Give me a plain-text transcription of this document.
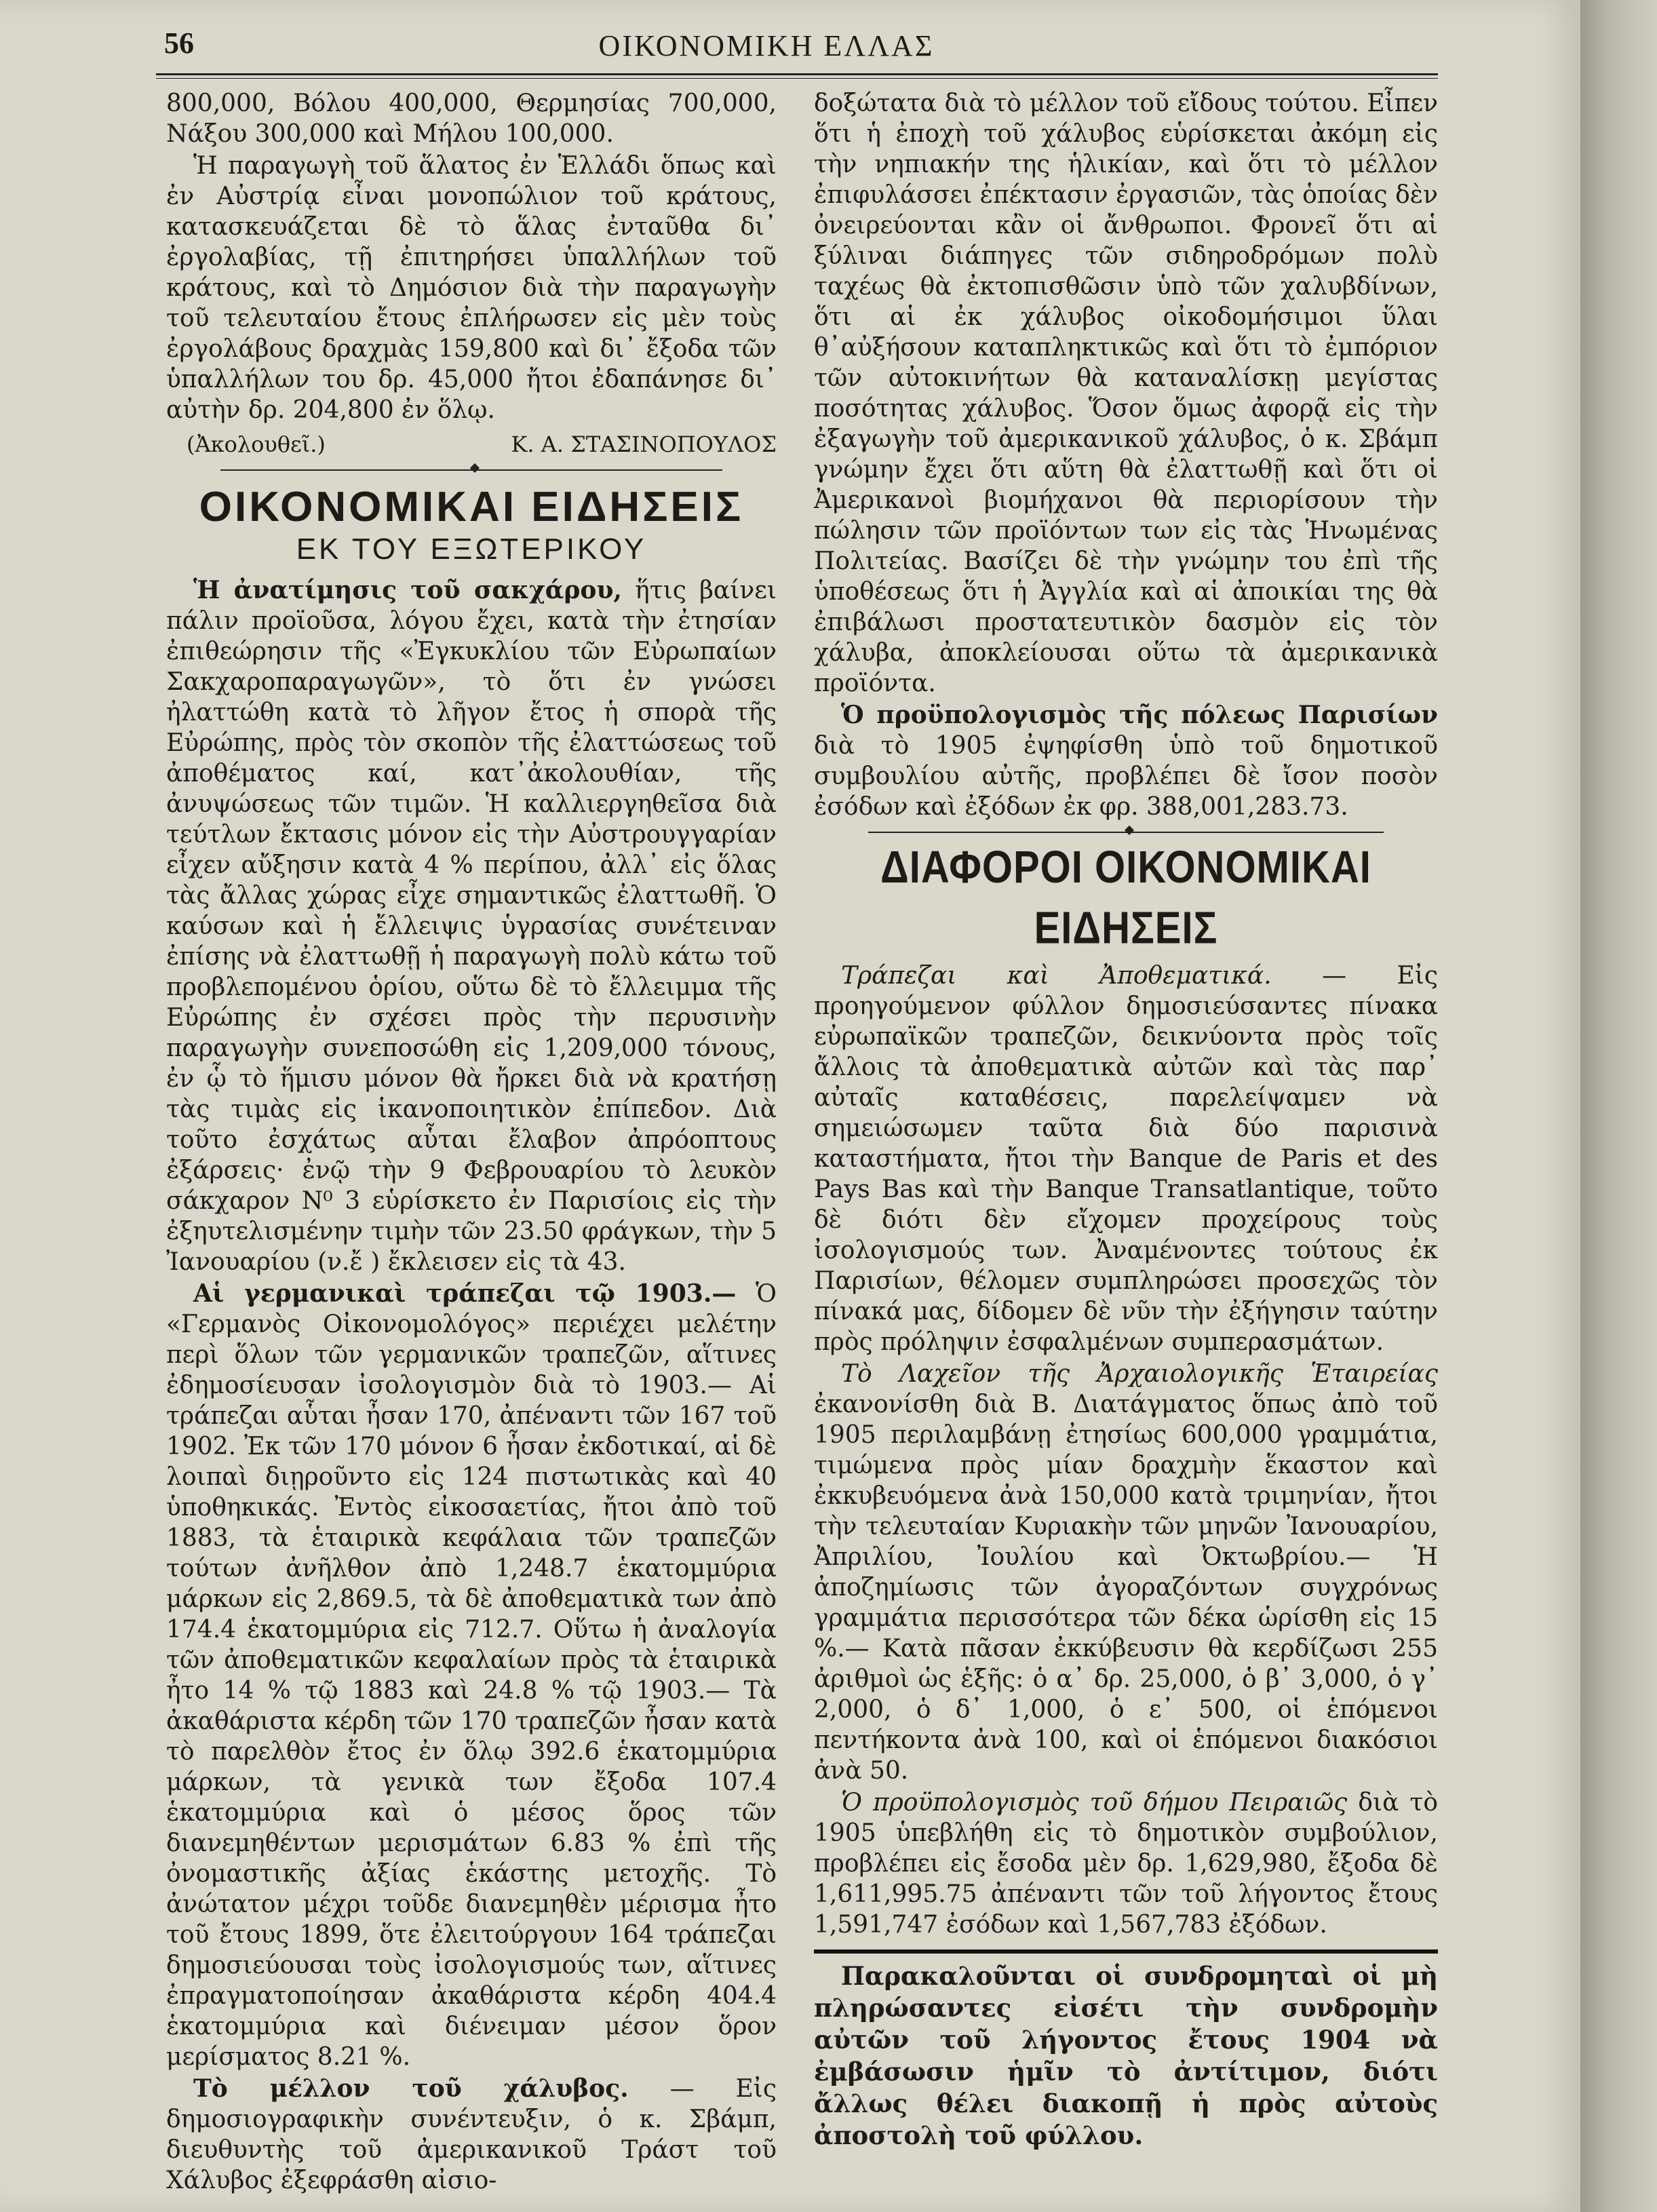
56	ΟΙΚΟΝΟΜΙΚΗ ΕΛΛΑΣ

800,000, Βόλου 400,000, Θερμησίας 700,000, Νάξου 300,000 καὶ Μήλου 100,000.

Ἡ παραγωγὴ τοῦ ἅλατος ἐν Ἑλλάδι ὅπως καὶ ἐν Αὐστρίᾳ εἶναι μονοπώλιον τοῦ κράτους, κατασκευάζεται δὲ τὸ ἅλας ἐνταῦθα δι᾽ ἐργολαβίας, τῇ ἐπιτηρήσει ὑπαλλήλων τοῦ κράτους, καὶ τὸ Δημόσιον διὰ τὴν παραγωγὴν τοῦ τελευταίου ἔτους ἐπλήρωσεν εἰς μὲν τοὺς ἐργολάβους δραχμὰς 159,800 καὶ δι᾽ ἔξοδα τῶν ὑπαλλήλων του δρ. 45,000 ἤτοι ἐδαπάνησε δι᾽ αὐτὴν δρ. 204,800 ἐν ὅλῳ.

(Ἀκολουθεῖ.)	Κ. Α. ΣΤΑΣΙΝΟΠΟΥΛΟΣ
ΟΙΚΟΝΟΜΙΚΑΙ ΕΙΔΗΣΕΙΣ
ΕΚ ΤΟΥ ΕΞΩΤΕΡΙΚΟΥ

Ἡ ἀνατίμησις τοῦ σακχάρου, ἥτις βαίνει πάλιν προϊοῦσα, λόγου ἔχει, κατὰ τὴν ἐτησίαν ἐπιθεώρησιν τῆς «Ἐγκυκλίου τῶν Εὐρωπαίων Σακχαροπαραγωγῶν», τὸ ὅτι ἐν γνώσει ἠλαττώθη κατὰ τὸ λῆγον ἔτος ἡ σπορὰ τῆς Εὐρώπης, πρὸς τὸν σκοπὸν τῆς ἐλαττώσεως τοῦ ἀποθέματος καί, κατ᾽ἀκολουθίαν, τῆς ἀνυψώσεως τῶν τιμῶν. Ἡ καλλιεργηθεῖσα διὰ τεύτλων ἔκτασις μόνον εἰς τὴν Αὐστρουγγαρίαν εἶχεν αὔξησιν κατὰ 4 % περίπου, ἀλλ᾽ εἰς ὅλας τὰς ἄλλας χώρας εἶχε σημαντικῶς ἐλαττωθῆ. Ὁ καύσων καὶ ἡ ἔλλειψις ὑγρασίας συνέτειναν ἐπίσης νὰ ἐλαττωθῇ ἡ παραγωγὴ πολὺ κάτω τοῦ προβλεπομένου ὁρίου, οὕτω δὲ τὸ ἔλλειμμα τῆς Εὐρώπης ἐν σχέσει πρὸς τὴν περυσινὴν παραγωγὴν συνεποσώθη εἰς 1,209,000 τόνους, ἐν ᾧ τὸ ἥμισυ μόνον θὰ ἤρκει διὰ νὰ κρατήσῃ τὰς τιμὰς εἰς ἱκανοποιητικὸν ἐπίπεδον. Διὰ τοῦτο ἐσχάτως αὗται ἔλαβον ἀπρόοπτους ἐξάρσεις· ἐνῷ τὴν 9 Φεβρουαρίου τὸ λευκὸν σάκχαρον N⁰ 3 εὑρίσκετο ἐν Παρισίοις εἰς τὴν ἐξηυτελισμένην τιμὴν τῶν 23.50 φράγκων, τὴν 5 Ἰανουαρίου (ν.ἔ ) ἔκλεισεν εἰς τὰ 43.

Αἱ γερμανικαὶ τράπεζαι τῷ 1903.— Ὁ «Γερμανὸς Οἰκονομολόγος» περιέχει μελέτην περὶ ὅλων τῶν γερμανικῶν τραπεζῶν, αἵτινες ἐδημοσίευσαν ἰσολογισμὸν διὰ τὸ 1903.— Αἱ τράπεζαι αὗται ἦσαν 170, ἀπέναντι τῶν 167 τοῦ 1902. Ἐκ τῶν 170 μόνον 6 ἦσαν ἐκδοτικαί, αἱ δὲ λοιπαὶ διῃροῦντο εἰς 124 πιστωτικὰς καὶ 40 ὑποθηκικάς. Ἐντὸς εἰκοσαετίας, ἤτοι ἀπὸ τοῦ 1883, τὰ ἑταιρικὰ κεφάλαια τῶν τραπεζῶν τούτων ἀνῆλθον ἀπὸ 1,248.7 ἑκατομμύρια μάρκων εἰς 2,869.5, τὰ δὲ ἀποθεματικὰ των ἀπὸ 174.4 ἑκατομμύρια εἰς 712.7. Οὕτω ἡ ἀναλογία τῶν ἀποθεματικῶν κεφαλαίων πρὸς τὰ ἑταιρικὰ ἦτο 14 % τῷ 1883 καὶ 24.8 % τῷ 1903.— Τὰ ἀκαθάριστα κέρδη τῶν 170 τραπεζῶν ἦσαν κατὰ τὸ παρελθὸν ἔτος ἐν ὅλῳ 392.6 ἑκατομμύρια μάρκων, τὰ γενικὰ των ἔξοδα 107.4 ἑκατομμύρια καὶ ὁ μέσος ὅρος τῶν διανεμηθέντων μερισμάτων 6.83 % ἐπὶ τῆς ὀνομαστικῆς ἀξίας ἑκάστης μετοχῆς. Τὸ ἀνώτατον μέχρι τοῦδε διανεμηθὲν μέρισμα ἦτο τοῦ ἔτους 1899, ὅτε ἐλειτούργουν 164 τράπεζαι δημοσιεύουσαι τοὺς ἰσολογισμούς των, αἵτινες ἐπραγματοποίησαν ἀκαθάριστα κέρδη 404.4 ἑκατομμύρια καὶ διένειμαν μέσον ὅρον μερίσματος 8.21 %.

Τὸ μέλλον τοῦ χάλυβος. — Εἰς δημοσιογραφικὴν συνέντευξιν, ὁ κ. Σβάμπ, διευθυντὴς τοῦ ἀμερικανικοῦ Τράστ τοῦ Χάλυβος ἐξεφράσθη αἰσιο-

δοξώτατα διὰ τὸ μέλλον τοῦ εἴδους τούτου. Εἶπεν ὅτι ἡ ἐποχὴ τοῦ χάλυβος εὑρίσκεται ἀκόμη εἰς τὴν νηπιακήν της ἡλικίαν, καὶ ὅτι τὸ μέλλον ἐπιφυλάσσει ἐπέκτασιν ἐργασιῶν, τὰς ὁποίας δὲν ὀνειρεύονται κἂν οἱ ἄνθρωποι. Φρονεῖ ὅτι αἱ ξύλιναι διάπηγες τῶν σιδηροδρόμων πολὺ ταχέως θὰ ἐκτοπισθῶσιν ὑπὸ τῶν χαλυβδίνων, ὅτι αἱ ἐκ χάλυβος οἰκοδομήσιμοι ὕλαι θ᾽αὐξήσουν καταπληκτικῶς καὶ ὅτι τὸ ἐμπόριον τῶν αὐτοκινήτων θὰ καταναλίσκῃ μεγίστας ποσότητας χάλυβος. Ὅσον ὅμως ἀφορᾷ εἰς τὴν ἐξαγωγὴν τοῦ ἀμερικανικοῦ χάλυβος, ὁ κ. Σβάμπ γνώμην ἔχει ὅτι αὕτη θὰ ἐλαττωθῇ καὶ ὅτι οἱ Ἀμερικανοὶ βιομήχανοι θὰ περιορίσουν τὴν πώλησιν τῶν προϊόντων των εἰς τὰς Ἡνωμένας Πολιτείας. Βασίζει δὲ τὴν γνώμην του ἐπὶ τῆς ὑποθέσεως ὅτι ἡ Ἀγγλία καὶ αἱ ἀποικίαι της θὰ ἐπιβάλωσι προστατευτικὸν δασμὸν εἰς τὸν χάλυβα, ἀποκλείουσαι οὕτω τὰ ἀμερικανικὰ προϊόντα.

Ὁ προϋπολογισμὸς τῆς πόλεως Παρισίων διὰ τὸ 1905 ἐψηφίσθη ὑπὸ τοῦ δημοτικοῦ συμβουλίου αὐτῆς, προβλέπει δὲ ἴσον ποσὸν ἐσόδων καὶ ἐξόδων ἐκ φρ. 388,001,283.73.

ΔΙΑΦΟΡΟΙ ΟΙΚΟΝΟΜΙΚΑΙ ΕΙΔΗΣΕΙΣ

Τράπεζαι καὶ Ἀποθεματικά. — Εἰς προηγούμενον φύλλον δημοσιεύσαντες πίνακα εὐρωπαϊκῶν τραπεζῶν, δεικνύοντα πρὸς τοῖς ἄλλοις τὰ ἀποθεματικὰ αὐτῶν καὶ τὰς παρ᾽ αὐταῖς καταθέσεις, παρελείψαμεν νὰ σημειώσωμεν ταῦτα διὰ δύο παρισινὰ καταστήματα, ἤτοι τὴν Banque de Paris et des Pays Bas καὶ τὴν Banque Transatlantique, τοῦτο δὲ διότι δὲν εἴχομεν προχείρους τοὺς ἰσολογισμούς των. Ἀναμένοντες τούτους ἐκ Παρισίων, θέλομεν συμπληρώσει προσεχῶς τὸν πίνακά μας, δίδομεν δὲ νῦν τὴν ἐξήγησιν ταύτην πρὸς πρόληψιν ἐσφαλμένων συμπερασμάτων.

Τὸ Λαχεῖον τῆς Ἀρχαιολογικῆς Ἑταιρείας ἐκανονίσθη διὰ Β. Διατάγματος ὅπως ἀπὸ τοῦ 1905 περιλαμβάνῃ ἐτησίως 600,000 γραμμάτια, τιμώμενα πρὸς μίαν δραχμὴν ἕκαστον καὶ ἐκκυβευόμενα ἀνὰ 150,000 κατὰ τριμηνίαν, ἤτοι τὴν τελευταίαν Κυριακὴν τῶν μηνῶν Ἰανουαρίου, Ἀπριλίου, Ἰουλίου καὶ Ὀκτωβρίου.— Ἡ ἀποζημίωσις τῶν ἀγοραζόντων συγχρόνως γραμμάτια περισσότερα τῶν δέκα ὡρίσθη εἰς 15 %.— Κατὰ πᾶσαν ἐκκύβευσιν θὰ κερδίζωσι 255 ἀριθμοὶ ὡς ἑξῆς: ὁ α᾽ δρ. 25,000, ὁ β᾽ 3,000, ὁ γ᾽ 2,000, ὁ δ᾽ 1,000, ὁ ε᾽ 500, οἱ ἑπόμενοι πεντήκοντα ἀνὰ 100, καὶ οἱ ἑπόμενοι διακόσιοι ἀνὰ 50.

Ὁ προϋπολογισμὸς τοῦ δήμου Πειραιῶς διὰ τὸ 1905 ὑπεβλήθη εἰς τὸ δημοτικὸν συμβούλιον, προβλέπει εἰς ἔσοδα μὲν δρ. 1,629,980, ἔξοδα δὲ 1,611,995.75 ἀπέναντι τῶν τοῦ λήγοντος ἔτους 1,591,747 ἐσόδων καὶ 1,567,783 ἐξόδων.

Παρακαλοῦνται οἱ συνδρομηταὶ οἱ μὴ πληρώσαντες εἰσέτι τὴν συνδρομὴν αὐτῶν τοῦ λήγοντος ἔτους 1904 νὰ ἐμβάσωσιν ἡμῖν τὸ ἀντίτιμον, διότι ἄλλως θέλει διακοπῇ ἡ πρὸς αὐτοὺς ἀποστολὴ τοῦ φύλλου.
